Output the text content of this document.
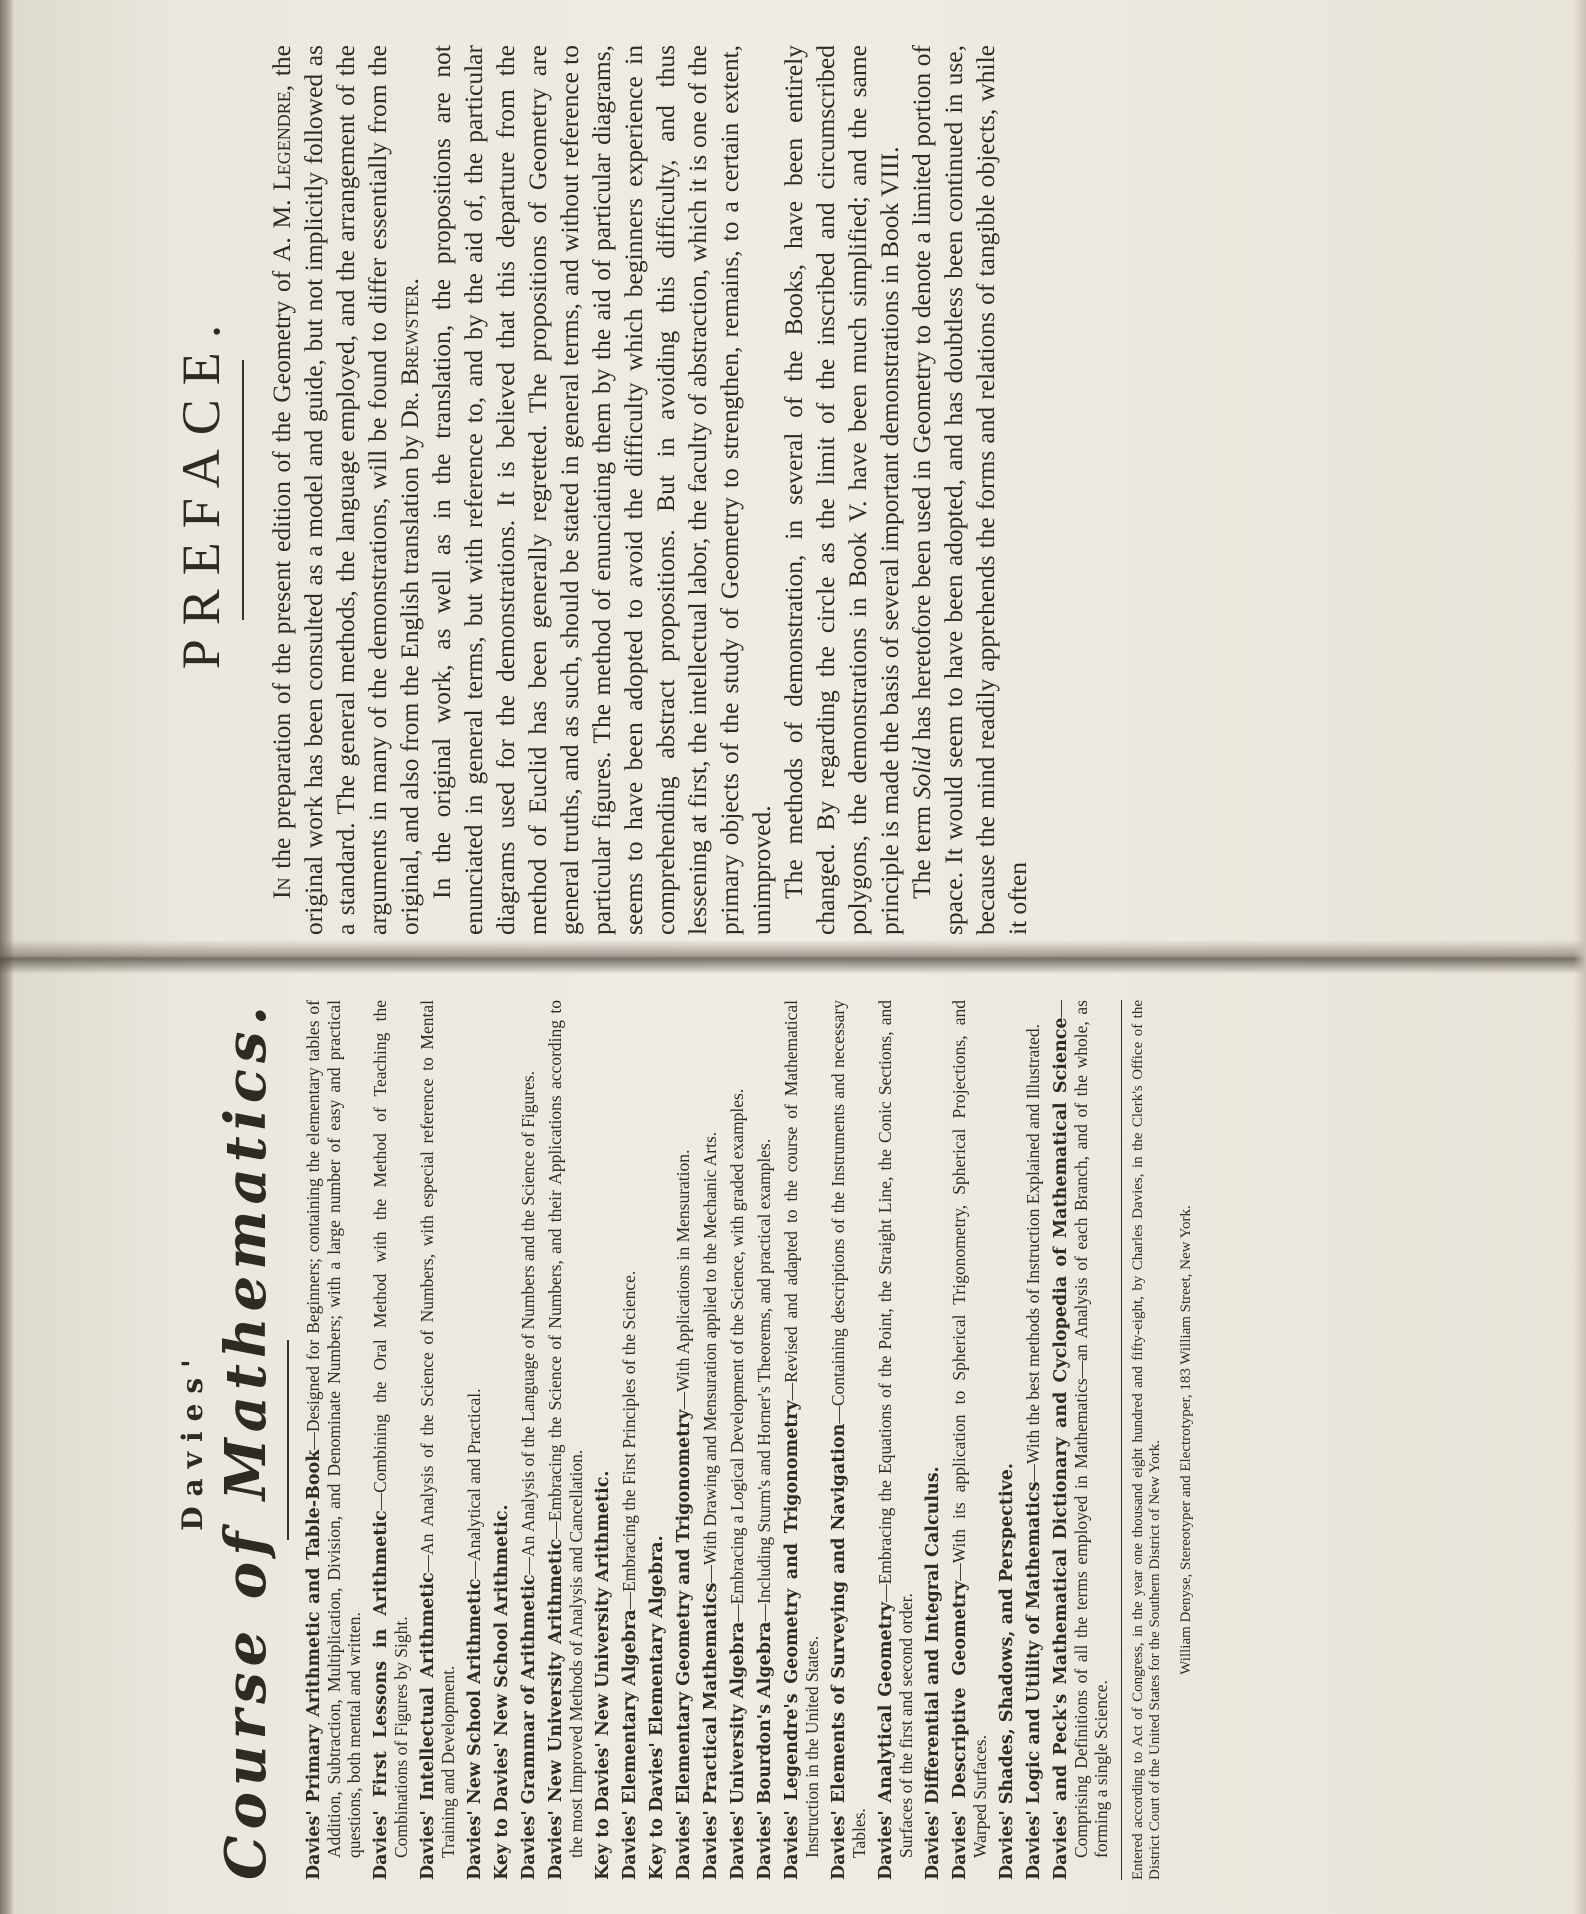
PREFACE.

In the preparation of the present edition of the Geometry of A. M. Legendre, the original work has been consulted as a model and guide, but not implicitly followed as a standard. The general methods, the language employed, and the arrangement of the arguments in many of the demonstrations, will be found to differ essentially from the original, and also from the English translation by Dr. Brewster. In the original work, as well as in the translation, the propositions are not enunciated in general terms, but with reference to, and by the aid of, the particular diagrams used for the demonstrations. It is believed that this departure from the method of Euclid has been generally regretted. The propositions of Geometry are general truths, and as such, should be stated in general terms, and without reference to particular figures. The method of enunciating them by the aid of particular diagrams, seems to have been adopted to avoid the difficulty which beginners experience in comprehending abstract propositions. But in avoiding this difficulty, and thus lessening at first, the intellectual labor, the faculty of abstraction, which it is one of the primary objects of the study of Geometry to strengthen, remains, to a certain extent, unimproved. The methods of demonstration, in several of the Books, have been entirely changed. By regarding the circle as the limit of the inscribed and circumscribed polygons, the demonstrations in Book V. have been much simplified; and the same principle is made the basis of several important demonstrations in Book VIII. The term Solid has heretofore been used in Geometry to denote a limited portion of space. It would seem to have been adopted, and has doubtless been continued in use, because the mind readily apprehends the forms and relations of tangible objects, while it often

Davies' Course of Mathematics. Davies' Primary Arithmetic and Table-Book—Designed for Beginners; containing the elementary tables of Addition, Subtraction, Multiplication, Division, and Denominate Numbers; with a large number of easy and practical questions, both mental and written. Davies' First Lessons in Arithmetic—Combining the Oral Method with the Method of Teaching the Combinations of Figures by Sight. Davies' Intellectual Arithmetic—An Analysis of the Science of Numbers, with especial reference to Mental Training and Development. Davies' New School Arithmetic—Analytical and Practical.
Key to Davies' New School Arithmetic. Davies' Grammar of Arithmetic—An Analysis of the Language of Numbers and the Science of Figures.
Davies' New University Arithmetic—Embracing the Science of Numbers, and their Applications according to the most Improved Methods of Analysis and Cancellation. Key to Davies' New University Arithmetic. Davies' Elementary Algebra—Embracing the First Principles of the Science.
Key to Davies' Elementary Algebra. Davies' Elementary Geometry and Trigonometry—With Applications in Mensuration.
Davies' Practical Mathematics—With Drawing and Mensuration applied to the Mechanic Arts.
Davies' University Algebra—Embracing a Logical Development of the Science, with graded examples.
Davies' Bourdon's Algebra—Including Sturm's and Horner's Theorems, and practical examples.
Davies' Legendre's Geometry and Trigonometry—Revised and adapted to the course of Mathematical Instruction in the United States. Davies' Elements of Surveying and Navigation—Containing descriptions of the Instruments and necessary Tables. Davies' Analytical Geometry—Embracing the Equations of the Point, the Straight Line, the Conic Sections, and Surfaces of the first and second order. Davies' Differential and Integral Calculus. Davies' Descriptive Geometry—With its application to Spherical Trigonometry, Spherical Projections, and Warped Surfaces. Davies' Shades, Shadows, and Perspective. Davies' Logic and Utility of Mathematics—With the best methods of Instruction Explained and Illustrated. Davies' and Peck's Mathematical Dictionary and Cyclopedia of Mathematical Science—Comprising Definitions of all the terms employed in Mathematics—an Analysis of each Branch, and of the whole, as forming a single Science. Entered according to Act of Congress, in the year one thousand eight hundred and fifty-eight, by Charles Davies, in the Clerk's Office of the District Court of the United States for the Southern District of New York. William Denyse, Stereotyper and Electrotyper, 183 William Street, New York.
